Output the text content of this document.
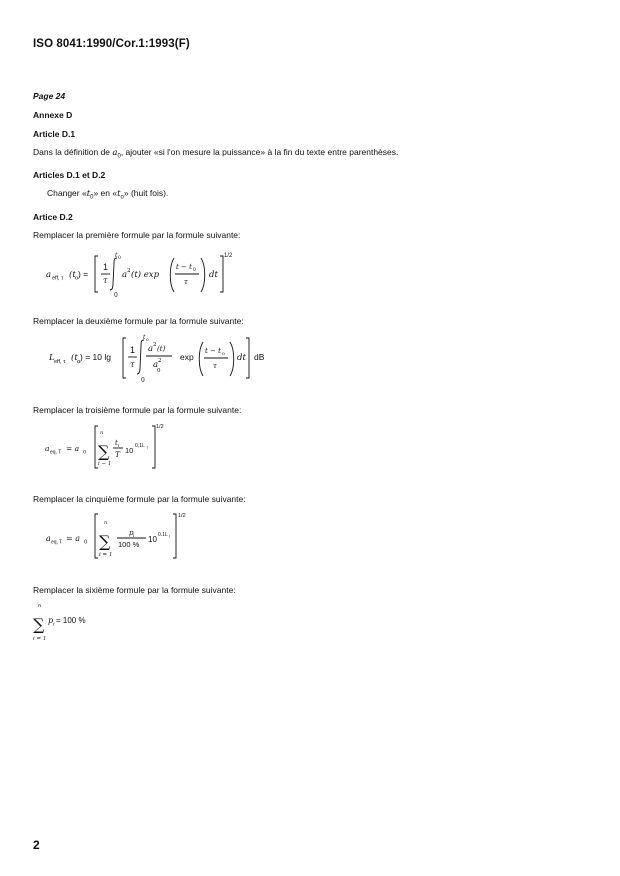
ISO 8041:1990/Cor.1:1993(F)
Page 24
Annexe D
Article D.1
Dans la définition de $a_0$, ajouter «si l'on mesure la puissance» à la fin du texte entre parenthèses.
Articles D.1 et D.2
Changer «$t_0$» en «$t_o$» (huit fois).
Artice D.2
Remplacer la première formule par la formule suivante:
a eff, τ (t o ) =
1
τ
t 0
0
a 2 (t) exp
t − t 0
τ
dt
1/2
Remplacer la deuxième formule par la formule suivante:
L eff, τ (t o ) = 10 lg
1
τ
t o
0
a 2 (t)
a 2
0
exp
t − t o
τ
dt dB
Remplacer la troisième formule par la formule suivante:
a eq, T = a 0
n
∑
i − 1
t i
T 10 0,1L i
1/2
Remplacer la cinquième formule par la formule suivante:
a eq, T = a 0
n
∑
i = 1
p i
100 %
10 0.1L i
1/2
Remplacer la sixième formule par la formule suivante:
n
∑
i = 1
p i = 100 %
2
